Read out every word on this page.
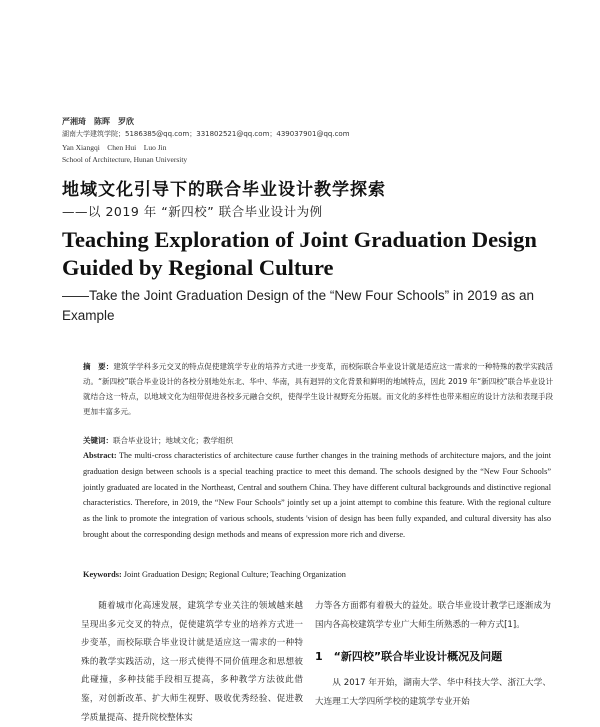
严湘琦　陈晖　罗欣
湖南大学建筑学院；5186385@qq.com；331802521@qq.com；439037901@qq.com
Yan Xiangqi　Chen Hui　Luo Jin
School of Architecture, Hunan University
地域文化引导下的联合毕业设计教学探索
——以 2019 年 “新四校” 联合毕业设计为例
Teaching Exploration of Joint Graduation Design Guided by Regional Culture
——Take the Joint Graduation Design of the “New Four Schools” in 2019 as an Example
摘　要：建筑学学科多元交叉的特点促使建筑学专业的培养方式进一步变革，而校际联合毕业设计就是适应这一需求的一种特殊的教学实践活动。“新四校”联合毕业设计的各校分别地处东北、华中、华南，具有迥异的文化背景和鲜明的地域特点，因此 2019 年“新四校”联合毕业设计就结合这一特点，以地域文化为纽带促进各校多元融合交织，使得学生设计视野充分拓展。而文化的多样性也带来相应的设计方法和表现手段更加丰富多元。
关键词：联合毕业设计；地域文化；教学组织
Abstract: The multi-cross characteristics of architecture cause further changes in the training methods of architecture majors, and the joint graduation design between schools is a special teaching practice to meet this demand. The schools designed by the “New Four Schools” jointly graduated are located in the Northeast, Central and southern China. They have different cultural backgrounds and distinctive regional characteristics. Therefore, in 2019, the “New Four Schools” jointly set up a joint attempt to combine this feature. With the regional culture as the link to promote the integration of various schools, students 'vision of design has been fully expanded, and cultural diversity has also brought about the corresponding design methods and means of expression more rich and diverse.
Keywords: Joint Graduation Design; Regional Culture; Teaching Organization
随着城市化高速发展，建筑学专业关注的领域越来越呈现出多元交叉的特点，促使建筑学专业的培养方式进一步变革，而校际联合毕业设计就是适应这一需求的一种特殊的教学实践活动，这一形式使得不同价值理念和思想彼此碰撞，多种技能手段相互提高，多种教学方法彼此借鉴，对创新改革、扩大师生视野、吸收优秀经验、促进教学质量提高、提升院校整体实
力等各方面都有着极大的益处。联合毕业设计教学已逐渐成为国内各高校建筑学专业广大师生所熟悉的一种方式[1]。
1　“新四校”联合毕业设计概况及问题
从 2017 年开始，湖南大学、华中科技大学、浙江大学、大连理工大学四所学校的建筑学专业开始
